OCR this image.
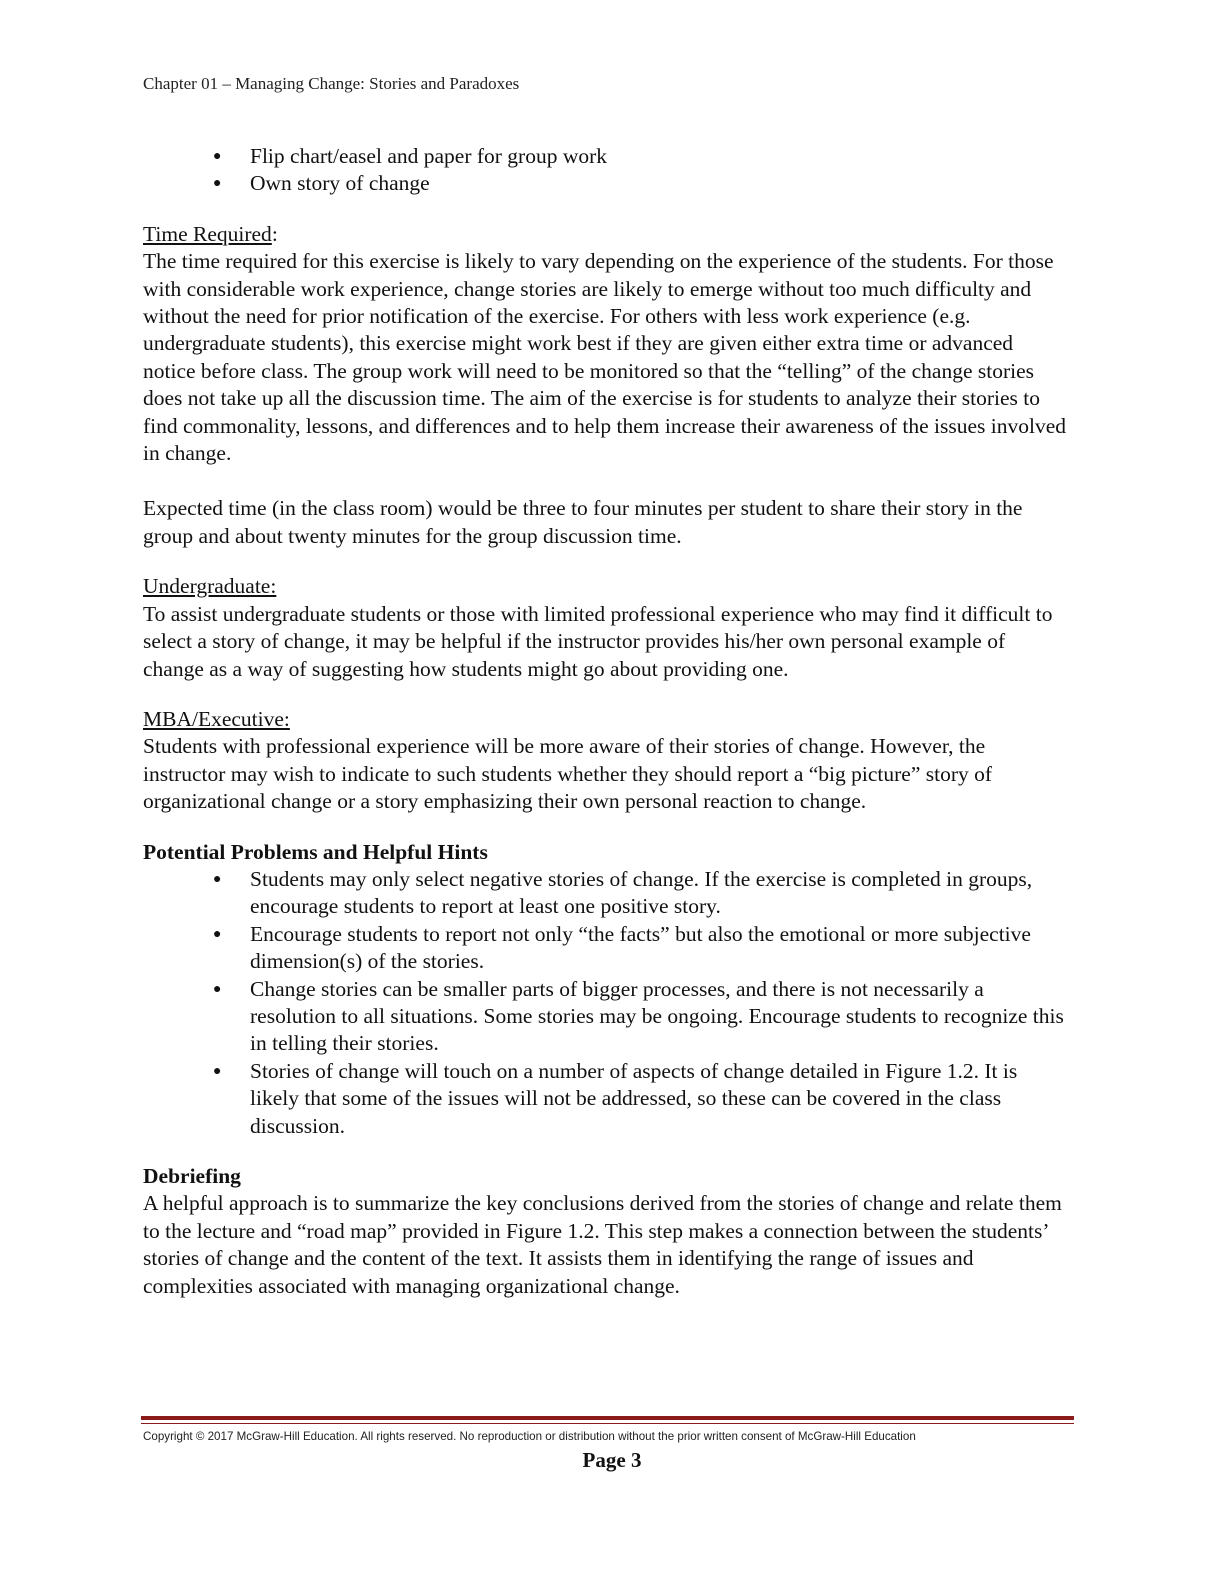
Chapter 01 – Managing Change: Stories and Paradoxes
● Flip chart/easel and paper for group work
● Own story of change

Time Required:

The time required for this exercise is likely to vary depending on the experience of the students. For those with considerable work experience, change stories are likely to emerge without too much difficulty and without the need for prior notification of the exercise. For others with less work experience (e.g. undergraduate students), this exercise might work best if they are given either extra time or advanced notice before class. The group work will need to be monitored so that the “telling” of the change stories does not take up all the discussion time. The aim of the exercise is for students to analyze their stories to find commonality, lessons, and differences and to help them increase their awareness of the issues involved in change.

Expected time (in the class room) would be three to four minutes per student to share their story in the group and about twenty minutes for the group discussion time.

Undergraduate:

To assist undergraduate students or those with limited professional experience who may find it difficult to select a story of change, it may be helpful if the instructor provides his/her own personal example of change as a way of suggesting how students might go about providing one.

MBA/Executive:

Students with professional experience will be more aware of their stories of change. However, the instructor may wish to indicate to such students whether they should report a “big picture” story of organizational change or a story emphasizing their own personal reaction to change.

Potential Problems and Helpful Hints

● Students may only select negative stories of change. If the exercise is completed in groups, encourage students to report at least one positive story.
● Encourage students to report not only “the facts” but also the emotional or more subjective dimension(s) of the stories.
● Change stories can be smaller parts of bigger processes, and there is not necessarily a resolution to all situations. Some stories may be ongoing. Encourage students to recognize this in telling their stories.
● Stories of change will touch on a number of aspects of change detailed in Figure 1.2. It is likely that some of the issues will not be addressed, so these can be covered in the class discussion.

Debriefing

A helpful approach is to summarize the key conclusions derived from the stories of change and relate them to the lecture and “road map” provided in Figure 1.2. This step makes a connection between the students’ stories of change and the content of the text. It assists them in identifying the range of issues and complexities associated with managing organizational change.

Copyright © 2017 McGraw-Hill Education. All rights reserved. No reproduction or distribution without the prior written consent of McGraw-Hill Education
Page 3
